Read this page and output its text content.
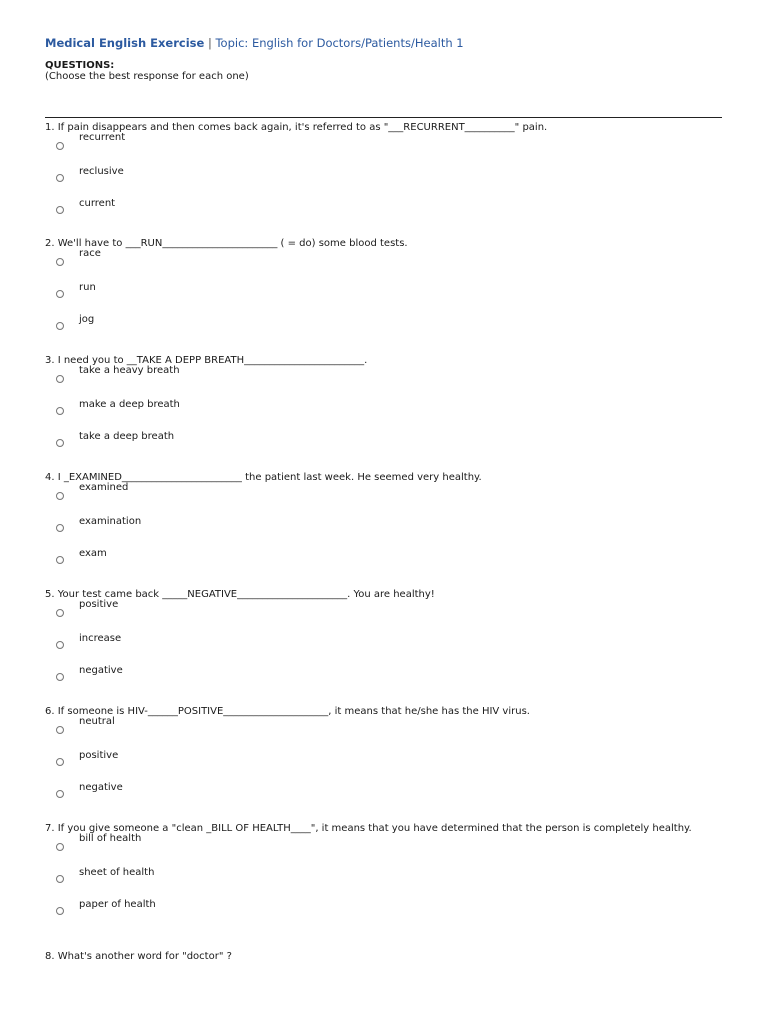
Medical English Exercise | Topic: English for Doctors/Patients/Health 1
QUESTIONS:
(Choose the best response for each one)
1. If pain disappears and then comes back again, it's referred to as "___RECURRENT__________" pain.
recurrent
reclusive
current
2. We'll have to ___RUN_______________________ ( = do) some blood tests.
race
run
jog
3. I need you to __TAKE A DEPP BREATH________________________.
take a heavy breath
make a deep breath
take a deep breath
4. I _EXAMINED________________________ the patient last week. He seemed very healthy.
examined
examination
exam
5. Your test came back _____NEGATIVE______________________. You are healthy!
positive
increase
negative
6. If someone is HIV-______POSITIVE_____________________, it means that he/she has the HIV virus.
neutral
positive
negative
7. If you give someone a "clean _BILL OF HEALTH____", it means that you have determined that the person is completely healthy.
bill of health
sheet of health
paper of health
8. What's another word for "doctor" ?
